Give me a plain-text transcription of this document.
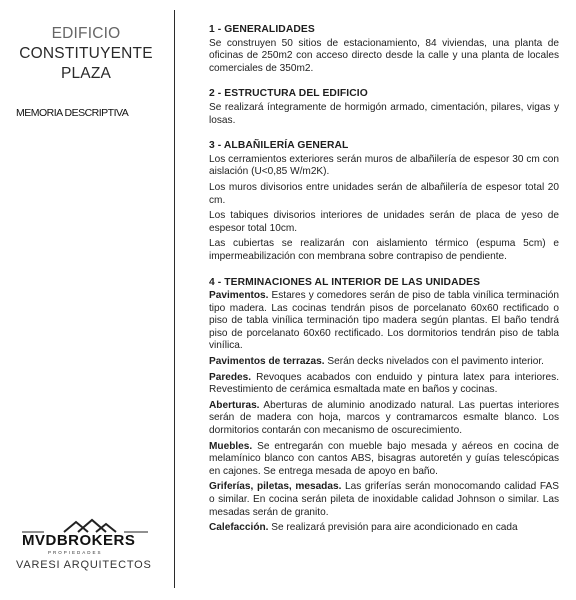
EDIFICIO
CONSTITUYENTE
PLAZA
MEMORIA DESCRIPTIVA
MVDBROKERS
PROPIEDADES
VARESI ARQUITECTOS
1 - GENERALIDADES

Se construyen 50 sitios de estacionamiento, 84 viviendas, una planta de oficinas de 250m2 con acceso directo desde la calle y una planta de locales comerciales de 350m2.

2 - ESTRUCTURA DEL EDIFICIO

Se realizará íntegramente de hormigón armado, cimentación, pilares, vigas y losas.

3 - ALBAÑILERÍA GENERAL

Los cerramientos exteriores serán muros de albañilería de espesor 30 cm con aislación (U<0,85 W/m2K).

Los muros divisorios entre unidades serán de albañilería de espesor total 20 cm.

Los tabiques divisorios interiores de unidades serán de placa de yeso de espesor total 10cm.

Las cubiertas se realizarán con aislamiento térmico (espuma 5cm) e impermeabilización con membrana sobre contrapiso de pendiente.

4 - TERMINACIONES AL INTERIOR DE LAS UNIDADES

Pavimentos. Estares y comedores serán de piso de tabla vinílica terminación tipo madera. Las cocinas tendrán pisos de porcelanato 60x60 rectificado o piso de tabla vinílica terminación tipo madera según plantas. El baño tendrá piso de porcelanato 60x60 rectificado. Los dormitorios tendrán piso de tabla vinílica.

Pavimentos de terrazas. Serán decks nivelados con el pavimento interior.

Paredes. Revoques acabados con enduido y pintura latex para interiores. Revestimiento de cerámica esmaltada mate en baños y cocinas.

Aberturas. Aberturas de aluminio anodizado natural. Las puertas interiores serán de madera con hoja, marcos y contramarcos esmalte blanco. Los dormitorios contarán con mecanismo de oscurecimiento.

Muebles. Se entregarán con mueble bajo mesada y aéreos en cocina de melamínico blanco con cantos ABS, bisagras autoretén y guías telescópicas en cajones. Se entrega mesada de apoyo en baño.

Griferías, piletas, mesadas. Las griferías serán monocomando calidad FAS o similar. En cocina serán pileta de inoxidable calidad Johnson o similar. Las mesadas serán de granito.

Calefacción. Se realizará previsión para aire acondicionado en cada
